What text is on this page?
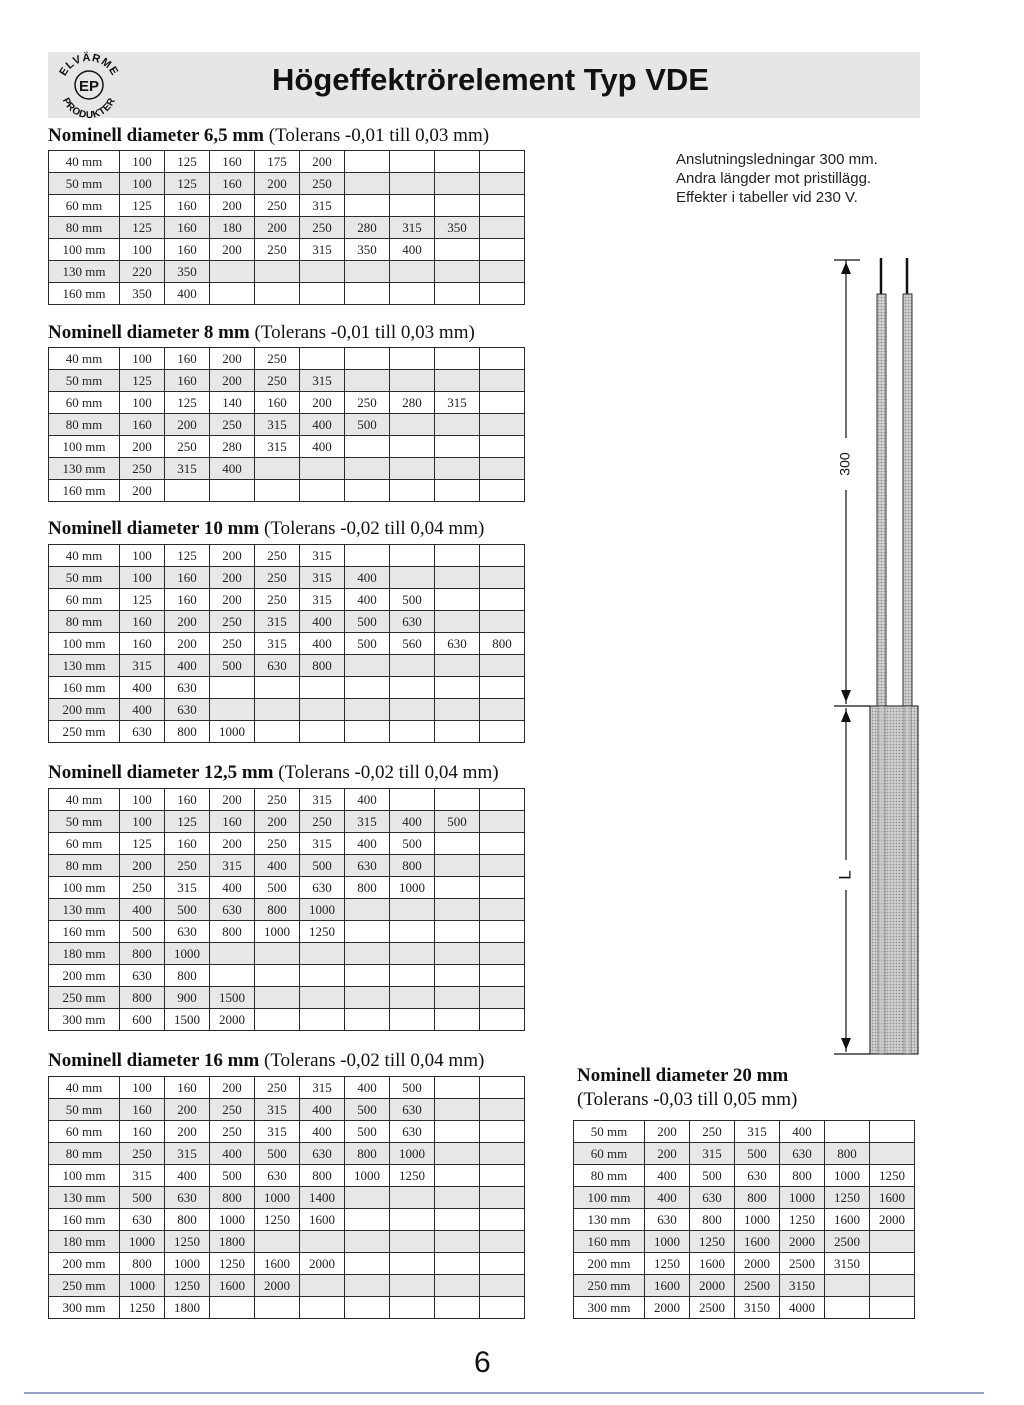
EP
ELVÄRME
PRODUKTER
Högeffektrörelement Typ VDE
Nominell diameter 6,5 mm (Tolerans -0,01 till 0,03 mm)
40 mm	100	125	160	175	200				
50 mm	100	125	160	200	250				
60 mm	125	160	200	250	315				
80 mm	125	160	180	200	250	280	315	350	
100 mm	100	160	200	250	315	350	400		
130 mm	220	350							
160 mm	350	400							
Nominell diameter 8 mm (Tolerans -0,01 till 0,03 mm)
40 mm	100	160	200	250					
50 mm	125	160	200	250	315				
60 mm	100	125	140	160	200	250	280	315	
80 mm	160	200	250	315	400	500			
100 mm	200	250	280	315	400				
130 mm	250	315	400						
160 mm	200								
Nominell diameter 10 mm (Tolerans -0,02 till 0,04 mm)
40 mm	100	125	200	250	315				
50 mm	100	160	200	250	315	400			
60 mm	125	160	200	250	315	400	500		
80 mm	160	200	250	315	400	500	630		
100 mm	160	200	250	315	400	500	560	630	800
130 mm	315	400	500	630	800				
160 mm	400	630							
200 mm	400	630							
250 mm	630	800	1000						
Nominell diameter 12,5 mm (Tolerans -0,02 till 0,04 mm)
40 mm	100	160	200	250	315	400			
50 mm	100	125	160	200	250	315	400	500	
60 mm	125	160	200	250	315	400	500		
80 mm	200	250	315	400	500	630	800		
100 mm	250	315	400	500	630	800	1000		
130 mm	400	500	630	800	1000				
160 mm	500	630	800	1000	1250				
180 mm	800	1000							
200 mm	630	800							
250 mm	800	900	1500						
300 mm	600	1500	2000						
Nominell diameter 16 mm (Tolerans -0,02 till 0,04 mm)
40 mm	100	160	200	250	315	400	500		
50 mm	160	200	250	315	400	500	630		
60 mm	160	200	250	315	400	500	630		
80 mm	250	315	400	500	630	800	1000		
100 mm	315	400	500	630	800	1000	1250		
130 mm	500	630	800	1000	1400				
160 mm	630	800	1000	1250	1600				
180 mm	1000	1250	1800						
200 mm	800	1000	1250	1600	2000				
250 mm	1000	1250	1600	2000					
300 mm	1250	1800							
Nominell diameter 20 mm
(Tolerans -0,03 till 0,05 mm)
50 mm	200	250	315	400		
60 mm	200	315	500	630	800	
80 mm	400	500	630	800	1000	1250
100 mm	400	630	800	1000	1250	1600
130 mm	630	800	1000	1250	1600	2000
160 mm	1000	1250	1600	2000	2500	
200 mm	1250	1600	2000	2500	3150	
250 mm	1600	2000	2500	3150		
300 mm	2000	2500	3150	4000		
Anslutningsledningar 300 mm.
Andra längder mot pristillägg.
Effekter i tabeller vid 230 V.
300
L
6
